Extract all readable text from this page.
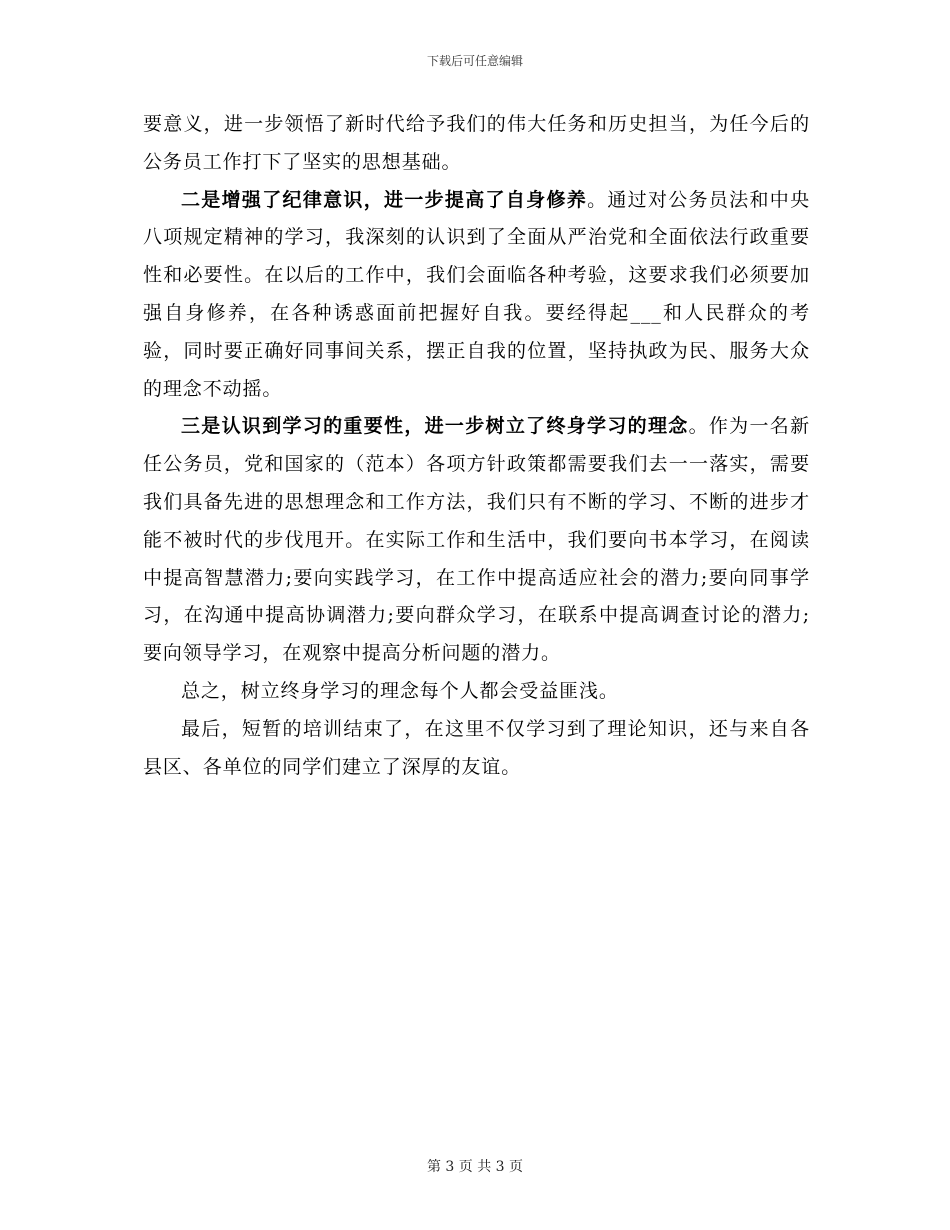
下载后可任意编辑

要意义，进一步领悟了新时代给予我们的伟大任务和历史担当，为任今后的公务员工作打下了坚实的思想基础。

二是增强了纪律意识，进一步提高了自身修养。通过对公务员法和中央八项规定精神的学习，我深刻的认识到了全面从严治党和全面依法行政重要性和必要性。在以后的工作中，我们会面临各种考验，这要求我们必须要加强自身修养，在各种诱惑面前把握好自我。要经得起___和人民群众的考验，同时要正确好同事间关系，摆正自我的位置，坚持执政为民、服务大众的理念不动摇。

三是认识到学习的重要性，进一步树立了终身学习的理念。作为一名新任公务员，党和国家的（范本）各项方针政策都需要我们去一一落实，需要我们具备先进的思想理念和工作方法，我们只有不断的学习、不断的进步才能不被时代的步伐甩开。在实际工作和生活中，我们要向书本学习，在阅读中提高智慧潜力;要向实践学习，在工作中提高适应社会的潜力;要向同事学习，在沟通中提高协调潜力;要向群众学习，在联系中提高调查讨论的潜力;要向领导学习，在观察中提高分析问题的潜力。

总之，树立终身学习的理念每个人都会受益匪浅。

最后，短暂的培训结束了，在这里不仅学习到了理论知识，还与来自各县区、各单位的同学们建立了深厚的友谊。

第 3 页 共 3 页
